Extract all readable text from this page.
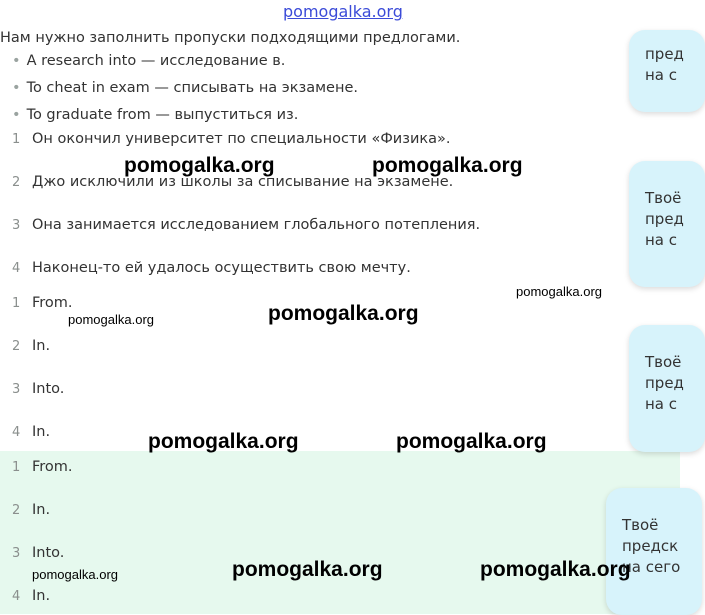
pomogalka.org
Нам нужно заполнить пропуски подходящими предлогами.
• A research into — исследование в.
• To cheat in exam — списывать на экзамене.
• To graduate from — выпуститься из.
1 Он окончил университет по специальности «Физика».
2 Джо исключили из школы за списывание на экзамене.
3 Она занимается исследованием глобального потепления.
4 Наконец-то ей удалось осуществить свою мечту.
1 From.
2 In.
3 Into.
4 In.
1 From.
2 In.
3 Into.
4 In.
пред
на с
Твоё
пред
на с
Твоё
пред
на с
Твоё
предск
на сего
pomogalka.org	pomogalka.org
pomogalka.org
pomogalka.org	pomogalka.org
pomogalka.org	pomogalka.org
pomogalka.org	pomogalka.org	pomogalka.org
